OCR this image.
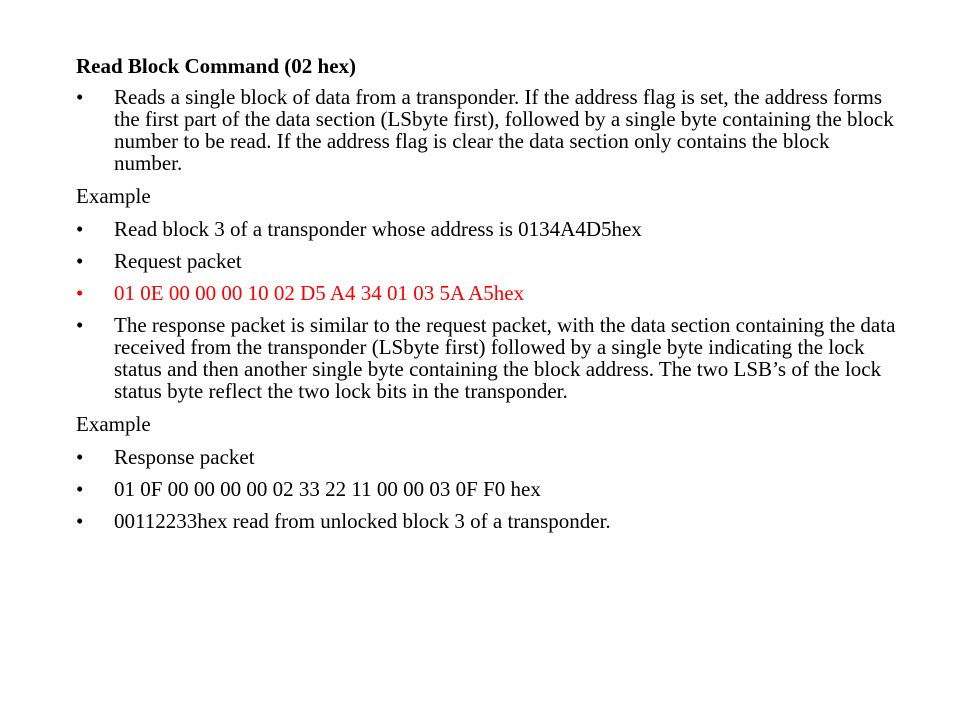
Read Block Command (02 hex)
•	Reads a single block of data from a transponder. If the address flag is set, the address forms the first part of the data section (LSbyte first), followed by a single byte containing the block number to be read. If the address flag is clear the data section only contains the block number.
Example
•	Read block 3 of a transponder whose address is 0134A4D5hex
•	Request packet
•	01 0E 00 00 00 10 02 D5 A4 34 01 03 5A A5hex
•	The response packet is similar to the request packet, with the data section containing the data received from the transponder (LSbyte first) followed by a single byte indicating the lock status and then another single byte containing the block address. The two LSB’s of the lock status byte reflect the two lock bits in the transponder.
Example
•	Response packet
•	01 0F 00 00 00 00 02 33 22 11 00 00 03 0F F0 hex
•	00112233hex read from unlocked block 3 of a transponder.
